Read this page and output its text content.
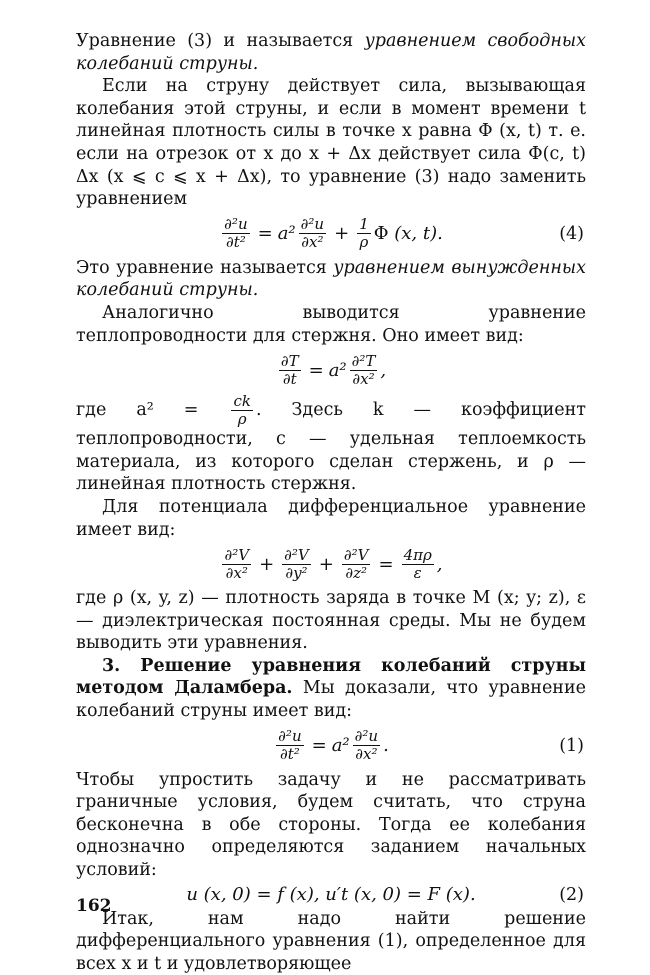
Уравнение (3) и называется уравнением свободных колебаний струны.

Если на струну действует сила, вызывающая колебания этой струны, и если в момент времени t линейная плотность силы в точке x равна Φ (x, t) т. е. если на отрезок от x до x + Δx действует сила Φ(c, t) Δx (x ⩽ c ⩽ x + Δx), то уравнение (3) надо заменить уравнением

$\frac{\text{∂²u}}{\text{∂t²}} = a^2 \frac{\text{∂²u}}{\text{∂x²}} + \frac{1}{\rho}$ Φ (x, t).	(4)

Это уравнение называется уравнением вынужденных колебаний струны.

Аналогично выводится уравнение теплопроводности для стержня. Оно имеет вид:

$\frac{\partial T}{\partial t} = a^2 \frac{\text{∂²T}}{\text{∂x²}}$ ,

где $a^2 = \frac{ck}{\rho}$ . Здесь k — коэффициент теплопроводности, c — удельная теплоемкость материала, из которого сделан стержень, и ρ — линейная плотность стержня.

Для потенциала дифференциальное уравнение имеет вид:

$\frac{\text{∂²V}}{\text{∂x²}} + \frac{\text{∂²V}}{\text{∂y²}} + \frac{\text{∂²V}}{\text{∂z²}} = \frac{4\pi\rho}{\varepsilon}$ ,

где ρ (x, y, z) — плотность заряда в точке M (x; y; z), ε — диэлектрическая постоянная среды. Мы не будем выводить эти уравнения.

3. Решение уравнения колебаний струны методом Даламбера. Мы доказали, что уравнение колебаний струны имеет вид:

$\frac{\text{∂²u}}{\text{∂t²}} = a^2 \frac{\text{∂²u}}{\text{∂x²}}$ .	(1)

Чтобы упростить задачу и не рассматривать граничные условия, будем считать, что струна бесконечна в обе стороны. Тогда ее колебания однозначно определяются заданием начальных условий:

u (x, 0) = f (x), u′t (x, 0) = F (x).	(2)

Итак, нам надо найти решение дифференциального уравнения (1), определенное для всех x и t и удовлетворяющее

162
